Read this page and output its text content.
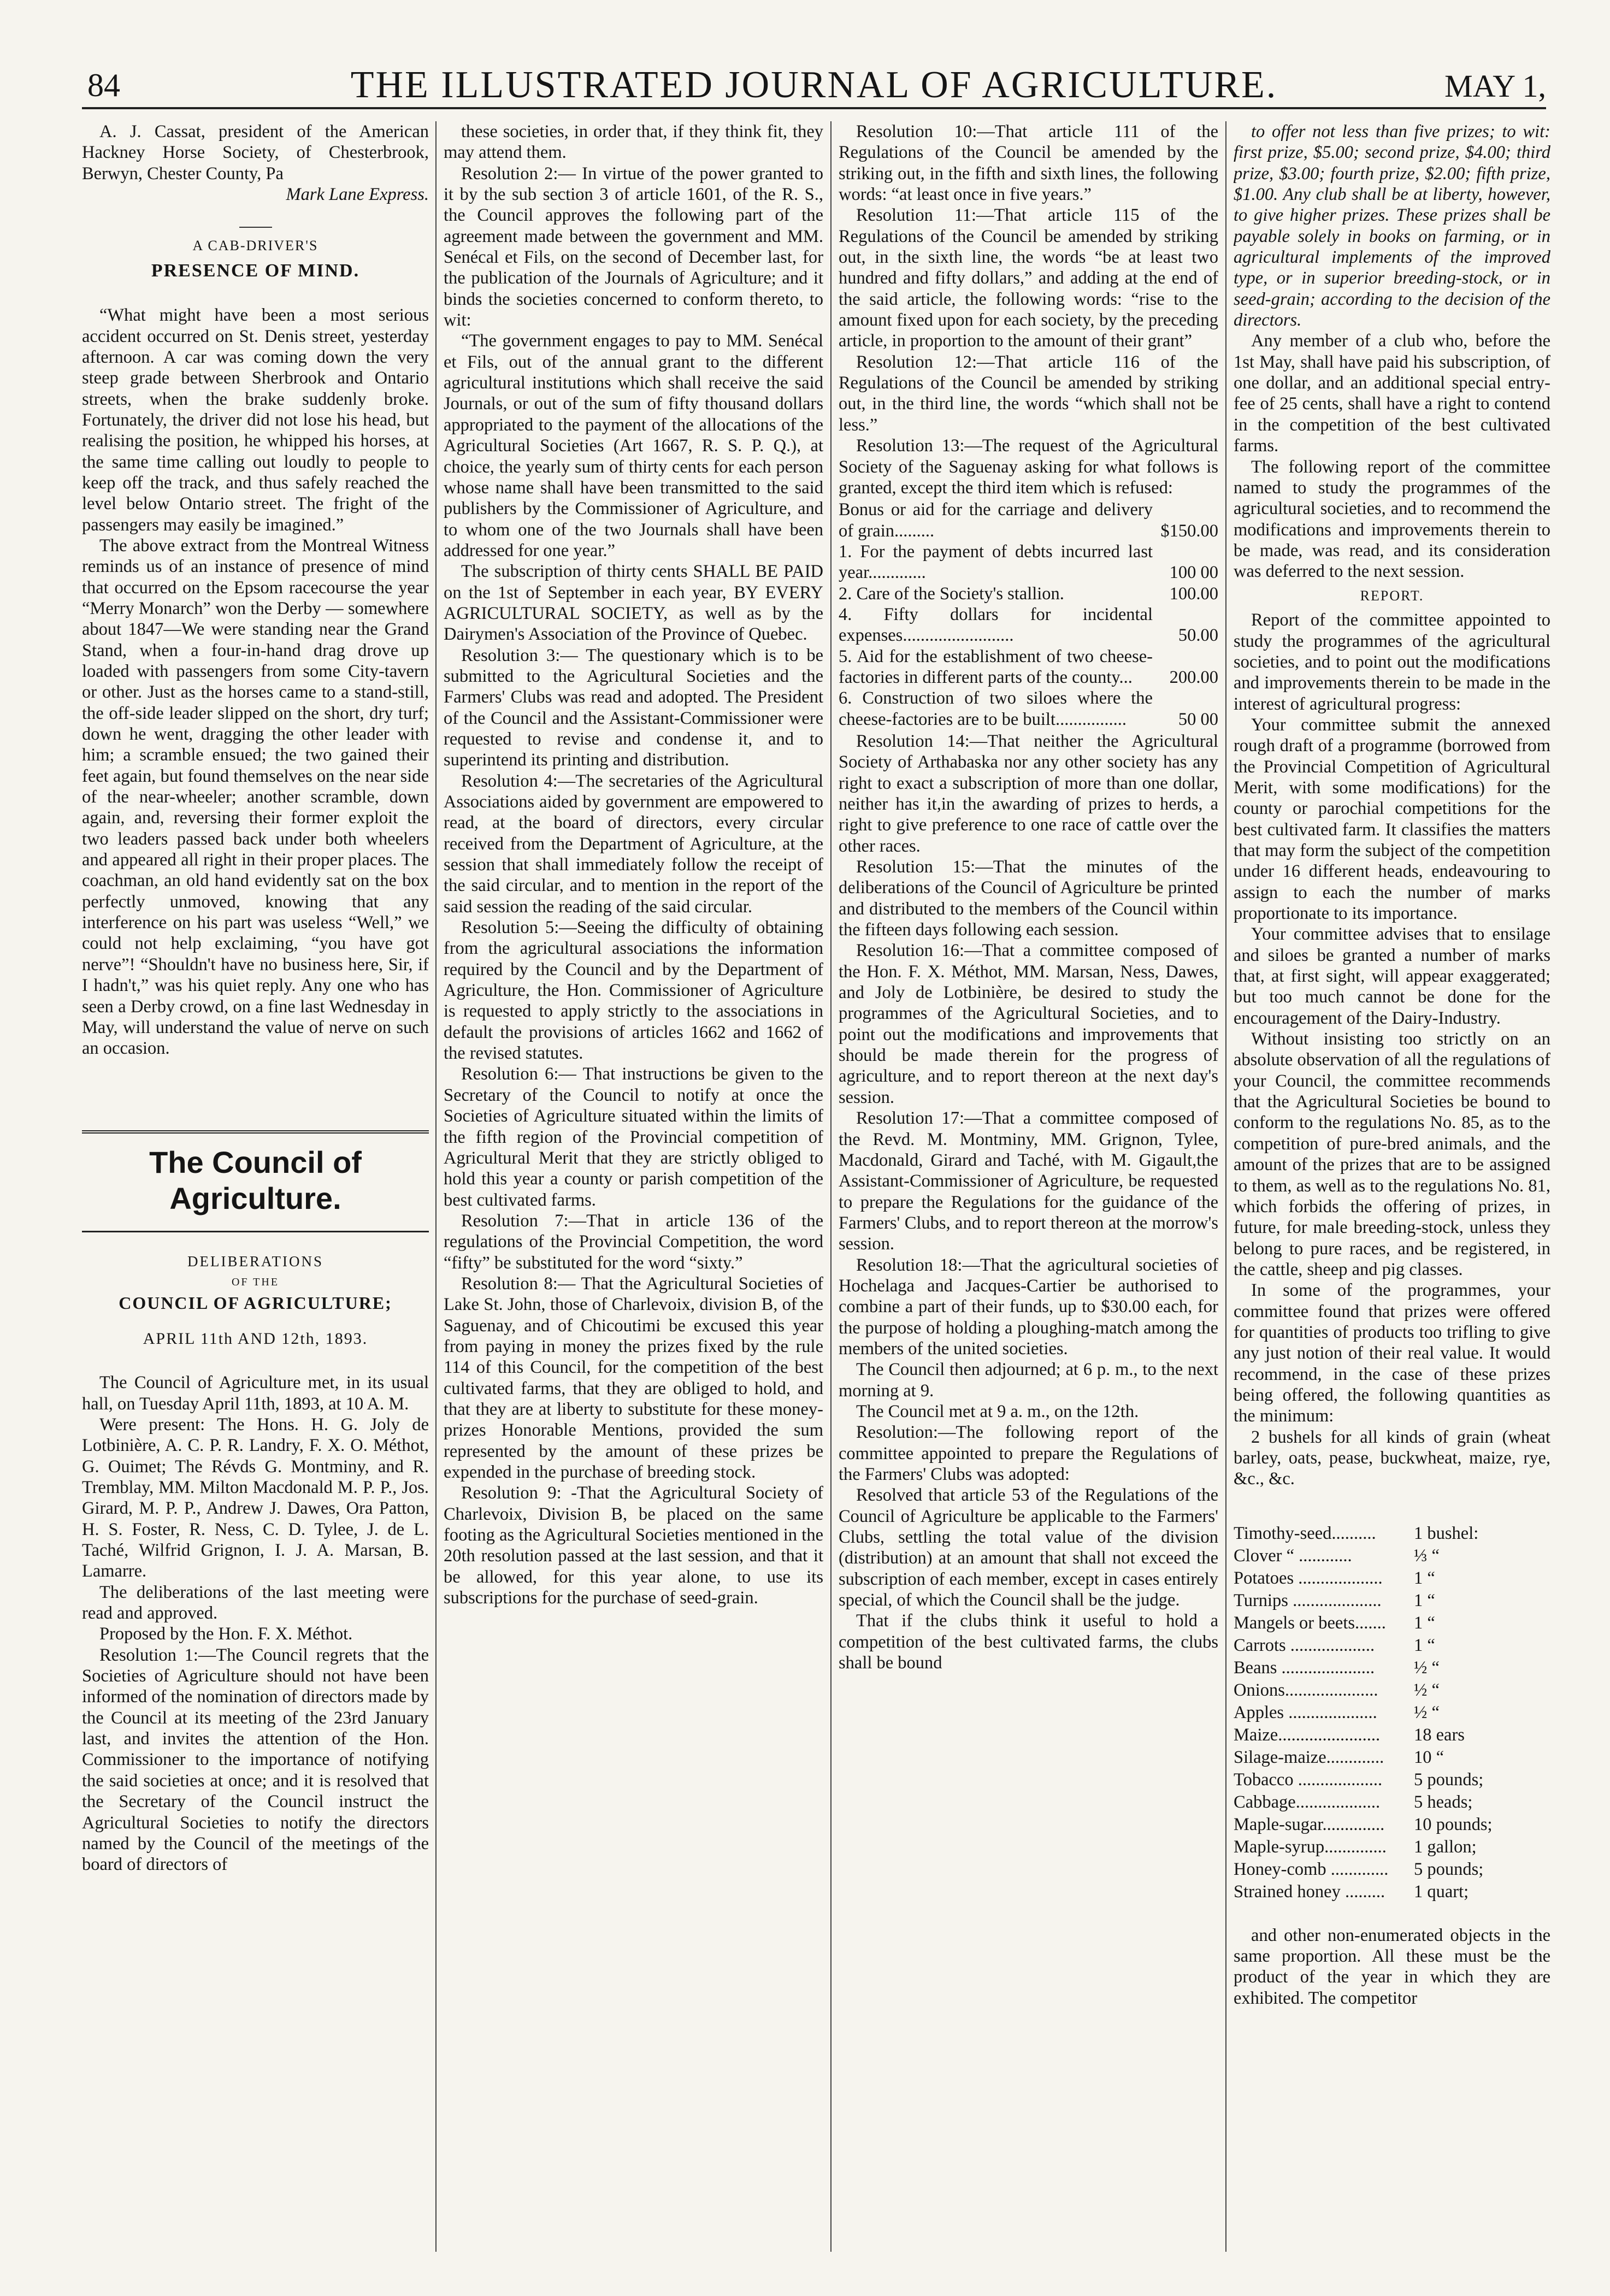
84	THE ILLUSTRATED JOURNAL OF AGRICULTURE.	MAY 1,

A. J. Cassat, president of the American Hackney Horse Society, of Chesterbrook, Berwyn, Chester County, Pa

Mark Lane Express.

A CAB-DRIVER'S
PRESENCE OF MIND.

“What might have been a most serious accident occurred on St. Denis street, yesterday afternoon. A car was coming down the very steep grade between Sherbrook and Ontario streets, when the brake suddenly broke. Fortunately, the driver did not lose his head, but realising the position, he whipped his horses, at the same time calling out loudly to people to keep off the track, and thus safely reached the level below Ontario street. The fright of the passengers may easily be imagined.”

The above extract from the Montreal Witness reminds us of an instance of presence of mind that occurred on the Epsom racecourse the year “Merry Monarch” won the Derby — somewhere about 1847—We were standing near the Grand Stand, when a four-in-hand drag drove up loaded with passengers from some City-tavern or other. Just as the horses came to a stand-still, the off-side leader slipped on the short, dry turf; down he went, dragging the other leader with him; a scramble ensued; the two gained their feet again, but found themselves on the near side of the near-wheeler; another scramble, down again, and, reversing their former exploit the two leaders passed back under both wheelers and appeared all right in their proper places. The coachman, an old hand evidently sat on the box perfectly unmoved, knowing that any interference on his part was useless “Well,” we could not help exclaiming, “you have got nerve”! “Shouldn't have no business here, Sir, if I hadn't,” was his quiet reply. Any one who has seen a Derby crowd, on a fine last Wednesday in May, will understand the value of nerve on such an occasion.

The Council of Agriculture.
DELIBERATIONS
OF THE
COUNCIL OF AGRICULTURE;
APRIL 11th AND 12th, 1893.

The Council of Agriculture met, in its usual hall, on Tuesday April 11th, 1893, at 10 A. M.

Were present: The Hons. H. G. Joly de Lotbinière, A. C. P. R. Landry, F. X. O. Méthot, G. Ouimet; The Révds G. Montminy, and R. Tremblay, MM. Milton Macdonald M. P. P., Jos. Girard, M. P. P., Andrew J. Dawes, Ora Patton, H. S. Foster, R. Ness, C. D. Tylee, J. de L. Taché, Wilfrid Grignon, I. J. A. Marsan, B. Lamarre.

The deliberations of the last meeting were read and approved.

Proposed by the Hon. F. X. Méthot.

Resolution 1:—The Council regrets that the Societies of Agriculture should not have been informed of the nomination of directors made by the Council at its meeting of the 23rd January last, and invites the attention of the Hon. Commissioner to the importance of notifying the said societies at once; and it is resolved that the Secretary of the Council instruct the Agricultural Societies to notify the directors named by the Council of the meetings of the board of directors of

these societies, in order that, if they think fit, they may attend them.

Resolution 2:— In virtue of the power granted to it by the sub section 3 of article 1601, of the R. S., the Council approves the following part of the agreement made between the government and MM. Senécal et Fils, on the second of December last, for the publication of the Journals of Agriculture; and it binds the societies concerned to conform thereto, to wit:

“The government engages to pay to MM. Senécal et Fils, out of the annual grant to the different agricultural institutions which shall receive the said Journals, or out of the sum of fifty thousand dollars appropriated to the payment of the allocations of the Agricultural Societies (Art 1667, R. S. P. Q.), at choice, the yearly sum of thirty cents for each person whose name shall have been transmitted to the said publishers by the Commissioner of Agriculture, and to whom one of the two Journals shall have been addressed for one year.”

The subscription of thirty cents SHALL BE PAID on the 1st of September in each year, BY EVERY AGRICULTURAL SOCIETY, as well as by the Dairymen's Association of the Province of Quebec.

Resolution 3:— The questionary which is to be submitted to the Agricultural Societies and the Farmers' Clubs was read and adopted. The President of the Council and the Assistant-Commissioner were requested to revise and condense it, and to superintend its printing and distribution.

Resolution 4:—The secretaries of the Agricultural Associations aided by government are empowered to read, at the board of directors, every circular received from the Department of Agriculture, at the session that shall immediately follow the receipt of the said circular, and to mention in the report of the said session the reading of the said circular.

Resolution 5:—Seeing the difficulty of obtaining from the agricultural associations the information required by the Council and by the Department of Agriculture, the Hon. Commissioner of Agriculture is requested to apply strictly to the associations in default the provisions of articles 1662 and 1662 of the revised statutes.

Resolution 6:— That instructions be given to the Secretary of the Council to notify at once the Societies of Agriculture situated within the limits of the fifth region of the Provincial competition of Agricultural Merit that they are strictly obliged to hold this year a county or parish competition of the best cultivated farms.

Resolution 7:—That in article 136 of the regulations of the Provincial Competition, the word “fifty” be substituted for the word “sixty.”

Resolution 8:— That the Agricultural Societies of Lake St. John, those of Charlevoix, division B, of the Saguenay, and of Chicoutimi be excused this year from paying in money the prizes fixed by the rule 114 of this Council, for the competition of the best cultivated farms, that they are obliged to hold, and that they are at liberty to substitute for these money-prizes Honorable Mentions, provided the sum represented by the amount of these prizes be expended in the purchase of breeding stock.

Resolution 9: -That the Agricultural Society of Charlevoix, Division B, be placed on the same footing as the Agricultural Societies mentioned in the 20th resolution passed at the last session, and that it be allowed, for this year alone, to use its subscriptions for the purchase of seed-grain.

Resolution 10:—That article 111 of the Regulations of the Council be amended by the striking out, in the fifth and sixth lines, the following words: “at least once in five years.”

Resolution 11:—That article 115 of the Regulations of the Council be amended by striking out, in the sixth line, the words “be at least two hundred and fifty dollars,” and adding at the end of the said article, the following words: “rise to the amount fixed upon for each society, by the preceding article, in proportion to the amount of their grant”

Resolution 12:—That article 116 of the Regulations of the Council be amended by striking out, in the third line, the words “which shall not be less.”

Resolution 13:—The request of the Agricultural Society of the Saguenay asking for what follows is granted, except the third item which is refused:

Bonus or aid for the carriage and delivery of grain.........	$150.00
1. For the payment of debts incurred last year.............	100 00
2. Care of the Society's stallion.	100.00
4. Fifty dollars for incidental expenses.........................	50.00
5. Aid for the establishment of two cheese-factories in different parts of the county...	200.00
6. Construction of two siloes where the cheese-factories are to be built................	50 00

Resolution 14:—That neither the Agricultural Society of Arthabaska nor any other society has any right to exact a subscription of more than one dollar, neither has it,in the awarding of prizes to herds, a right to give preference to one race of cattle over the other races.

Resolution 15:—That the minutes of the deliberations of the Council of Agriculture be printed and distributed to the members of the Council within the fifteen days following each session.

Resolution 16:—That a committee composed of the Hon. F. X. Méthot, MM. Marsan, Ness, Dawes, and Joly de Lotbinière, be desired to study the programmes of the Agricultural Societies, and to point out the modifications and improvements that should be made therein for the progress of agriculture, and to report thereon at the next day's session.

Resolution 17:—That a committee composed of the Revd. M. Montminy, MM. Grignon, Tylee, Macdonald, Girard and Taché, with M. Gigault,the Assistant-Commissioner of Agriculture, be requested to prepare the Regulations for the guidance of the Farmers' Clubs, and to report thereon at the morrow's session.

Resolution 18:—That the agricultural societies of Hochelaga and Jacques-Cartier be authorised to combine a part of their funds, up to $30.00 each, for the purpose of holding a ploughing-match among the members of the united societies.

The Council then adjourned; at 6 p. m., to the next morning at 9.

The Council met at 9 a. m., on the 12th.

Resolution:—The following report of the committee appointed to prepare the Regulations of the Farmers' Clubs was adopted:

Resolved that article 53 of the Regulations of the Council of Agriculture be applicable to the Farmers' Clubs, settling the total value of the division (distribution) at an amount that shall not exceed the subscription of each member, except in cases entirely special, of which the Council shall be the judge.

That if the clubs think it useful to hold a competition of the best cultivated farms, the clubs shall be bound

to offer not less than five prizes; to wit: first prize, $5.00; second prize, $4.00; third prize, $3.00; fourth prize, $2.00; fifth prize, $1.00. Any club shall be at liberty, however, to give higher prizes. These prizes shall be payable solely in books on farming, or in agricultural implements of the improved type, or in superior breeding-stock, or in seed-grain; according to the decision of the directors.

Any member of a club who, before the 1st May, shall have paid his subscription, of one dollar, and an additional special entry-fee of 25 cents, shall have a right to contend in the competition of the best cultivated farms.

The following report of the committee named to study the programmes of the agricultural societies, and to recommend the modifications and improvements therein to be made, was read, and its consideration was deferred to the next session.

REPORT.

Report of the committee appointed to study the programmes of the agricultural societies, and to point out the modifications and improvements therein to be made in the interest of agricultural progress:

Your committee submit the annexed rough draft of a programme (borrowed from the Provincial Competition of Agricultural Merit, with some modifications) for the county or parochial competitions for the best cultivated farm. It classifies the matters that may form the subject of the competition under 16 different heads, endeavouring to assign to each the number of marks proportionate to its importance.

Your committee advises that to ensilage and siloes be granted a number of marks that, at first sight, will appear exaggerated; but too much cannot be done for the encouragement of the Dairy-Industry.

Without insisting too strictly on an absolute observation of all the regulations of your Council, the committee recommends that the Agricultural Societies be bound to conform to the regulations No. 85, as to the competition of pure-bred animals, and the amount of the prizes that are to be assigned to them, as well as to the regulations No. 81, which forbids the offering of prizes, in future, for male breeding-stock, unless they belong to pure races, and be registered, in the cattle, sheep and pig classes.

In some of the programmes, your committee found that prizes were offered for quantities of products too trifling to give any just notion of their real value. It would recommend, in the case of these prizes being offered, the following quantities as the minimum:

2 bushels for all kinds of grain (wheat barley, oats, pease, buckwheat, maize, rye, &c., &c.

Timothy-seed..........	1 bushel:
Clover “ ............	⅓ “
Potatoes ...................	1 “
Turnips ....................	1 “
Mangels or beets.......	1 “
Carrots ...................	1 “
Beans .....................	½ “
Onions.....................	½ “
Apples ....................	½ “
Maize.......................	18 ears
Silage-maize.............	10 “
Tobacco ...................	5 pounds;
Cabbage...................	5 heads;
Maple-sugar..............	10 pounds;
Maple-syrup..............	1 gallon;
Honey-comb .............	5 pounds;
Strained honey .........	1 quart;

and other non-enumerated objects in the same proportion. All these must be the product of the year in which they are exhibited. The competitor
